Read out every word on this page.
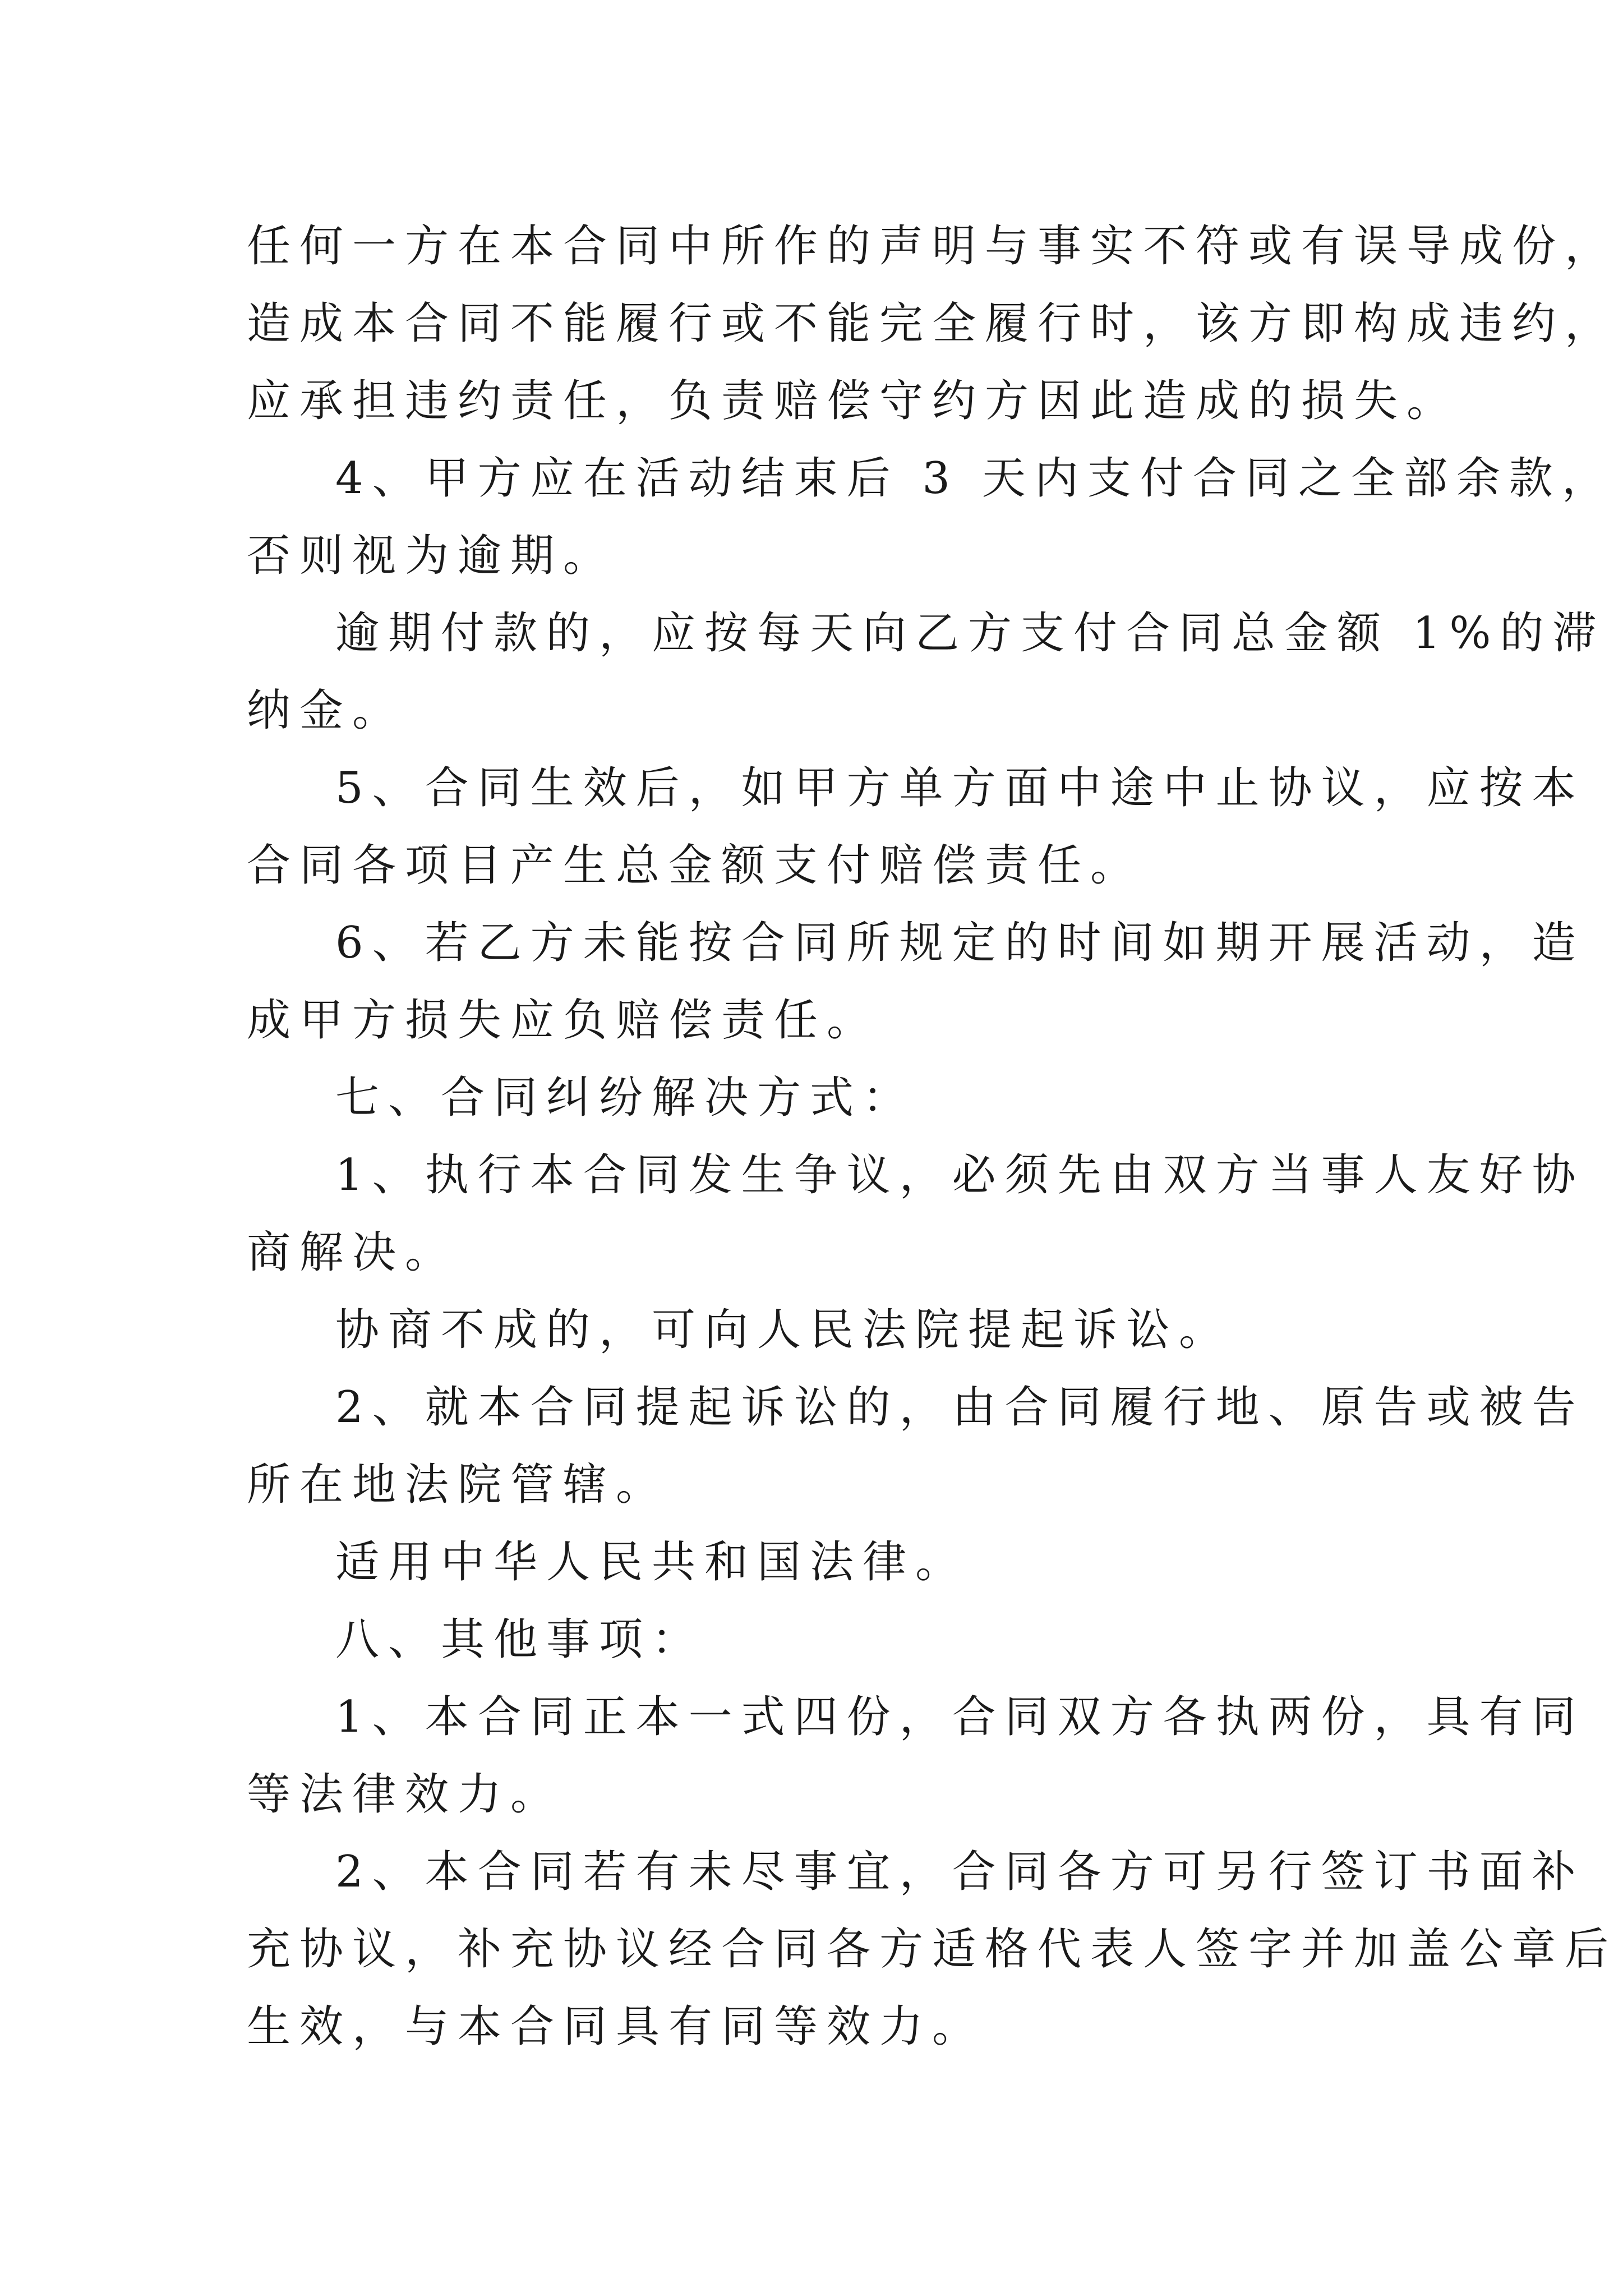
任何一方在本合同中所作的声明与事实不符或有误导成份，
造成本合同不能履行或不能完全履行时，该方即构成违约，
应承担违约责任，负责赔偿守约方因此造成的损失。
4、甲方应在活动结束后 3 天内支付合同之全部余款，
否则视为逾期。
逾期付款的，应按每天向乙方支付合同总金额 1%的滞
纳金。
5、合同生效后，如甲方单方面中途中止协议，应按本
合同各项目产生总金额支付赔偿责任。
6、若乙方未能按合同所规定的时间如期开展活动，造
成甲方损失应负赔偿责任。
七、合同纠纷解决方式：
1、执行本合同发生争议，必须先由双方当事人友好协
商解决。
协商不成的，可向人民法院提起诉讼。
2、就本合同提起诉讼的，由合同履行地、原告或被告
所在地法院管辖。
适用中华人民共和国法律。
八、其他事项：
1、本合同正本一式四份，合同双方各执两份，具有同
等法律效力。
2、本合同若有未尽事宜，合同各方可另行签订书面补
充协议，补充协议经合同各方适格代表人签字并加盖公章后
生效，与本合同具有同等效力。
